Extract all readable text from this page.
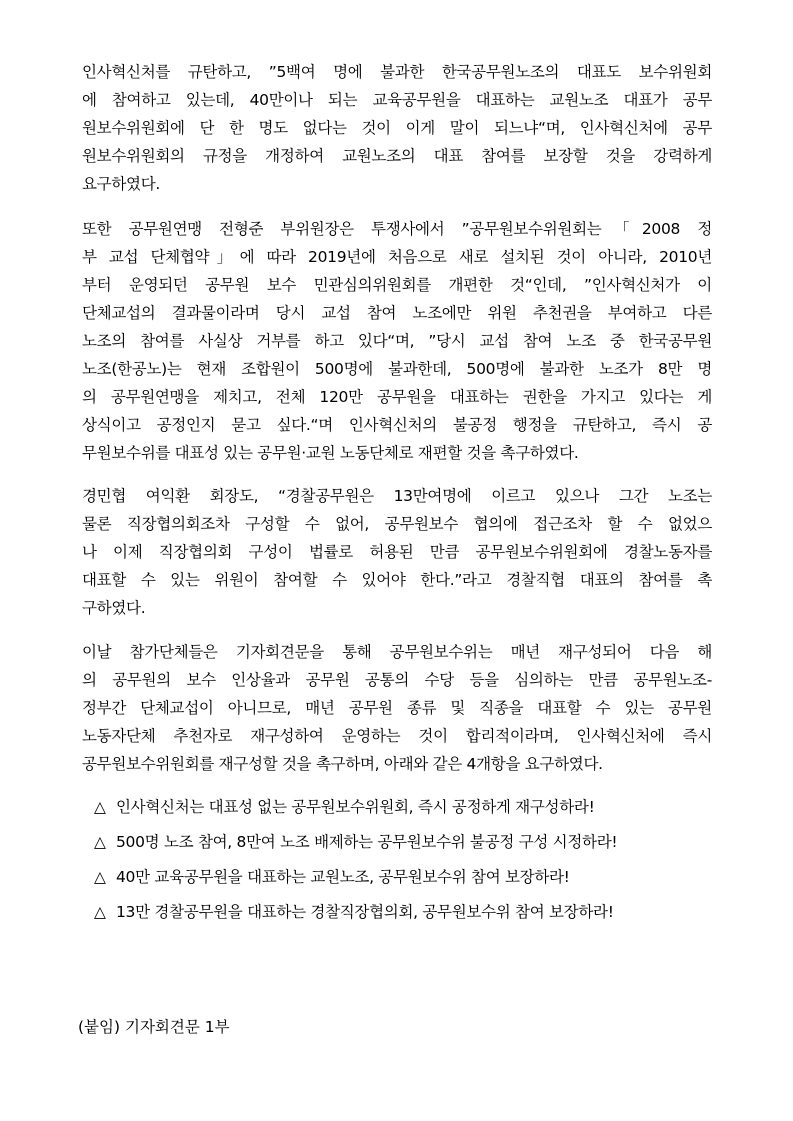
인사혁신처를 규탄하고, ”5백여 명에 불과한 한국공무원노조의 대표도 보수위원회
에 참여하고 있는데, 40만이나 되는 교육공무원을 대표하는 교원노조 대표가 공무
원보수위원회에 단 한 명도 없다는 것이 이게 말이 되느냐“며, 인사혁신처에 공무
원보수위원회의 규정을 개정하여 교원노조의 대표 참여를 보장할 것을 강력하게
요구하였다.
또한 공무원연맹 전형준 부위원장은 투쟁사에서 ”공무원보수위원회는「2008 정
부 교섭 단체협약」에 따라 2019년에 처음으로 새로 설치된 것이 아니라, 2010년
부터 운영되던 공무원 보수 민관심의위원회를 개편한 것“인데, ”인사혁신처가 이
단체교섭의 결과물이라며 당시 교섭 참여 노조에만 위원 추천권을 부여하고 다른
노조의 참여를 사실상 거부를 하고 있다“며, ”당시 교섭 참여 노조 중 한국공무원
노조(한공노)는 현재 조합원이 500명에 불과한데, 500명에 불과한 노조가 8만 명
의 공무원연맹을 제치고, 전체 120만 공무원을 대표하는 권한을 가지고 있다는 게
상식이고 공정인지 묻고 싶다.“며 인사혁신처의 불공정 행정을 규탄하고, 즉시 공
무원보수위를 대표성 있는 공무원·교원 노동단체로 재편할 것을 촉구하였다.
경민협 여익환 회장도, “경찰공무원은 13만여명에 이르고 있으나 그간 노조는
물론 직장협의회조차 구성할 수 없어, 공무원보수 협의에 접근조차 할 수 없었으
나 이제 직장협의회 구성이 법률로 허용된 만큼 공무원보수위원회에 경찰노동자를
대표할 수 있는 위원이 참여할 수 있어야 한다.”라고 경찰직협 대표의 참여를 촉
구하였다.
이날 참가단체들은 기자회견문을 통해 공무원보수위는 매년 재구성되어 다음 해
의 공무원의 보수 인상율과 공무원 공통의 수당 등을 심의하는 만큼 공무원노조-
정부간 단체교섭이 아니므로, 매년 공무원 종류 및 직종을 대표할 수 있는 공무원
노동자단체 추천자로 재구성하여 운영하는 것이 합리적이라며, 인사혁신처에 즉시
공무원보수위원회를 재구성할 것을 촉구하며, 아래와 같은 4개항을 요구하였다.
△ 인사혁신처는 대표성 없는 공무원보수위원회, 즉시 공정하게 재구성하라!
△ 500명 노조 참여, 8만여 노조 배제하는 공무원보수위 불공정 구성 시정하라!
△ 40만 교육공무원을 대표하는 교원노조, 공무원보수위 참여 보장하라!
△ 13만 경찰공무원을 대표하는 경찰직장협의회, 공무원보수위 참여 보장하라!
(붙임) 기자회견문 1부
